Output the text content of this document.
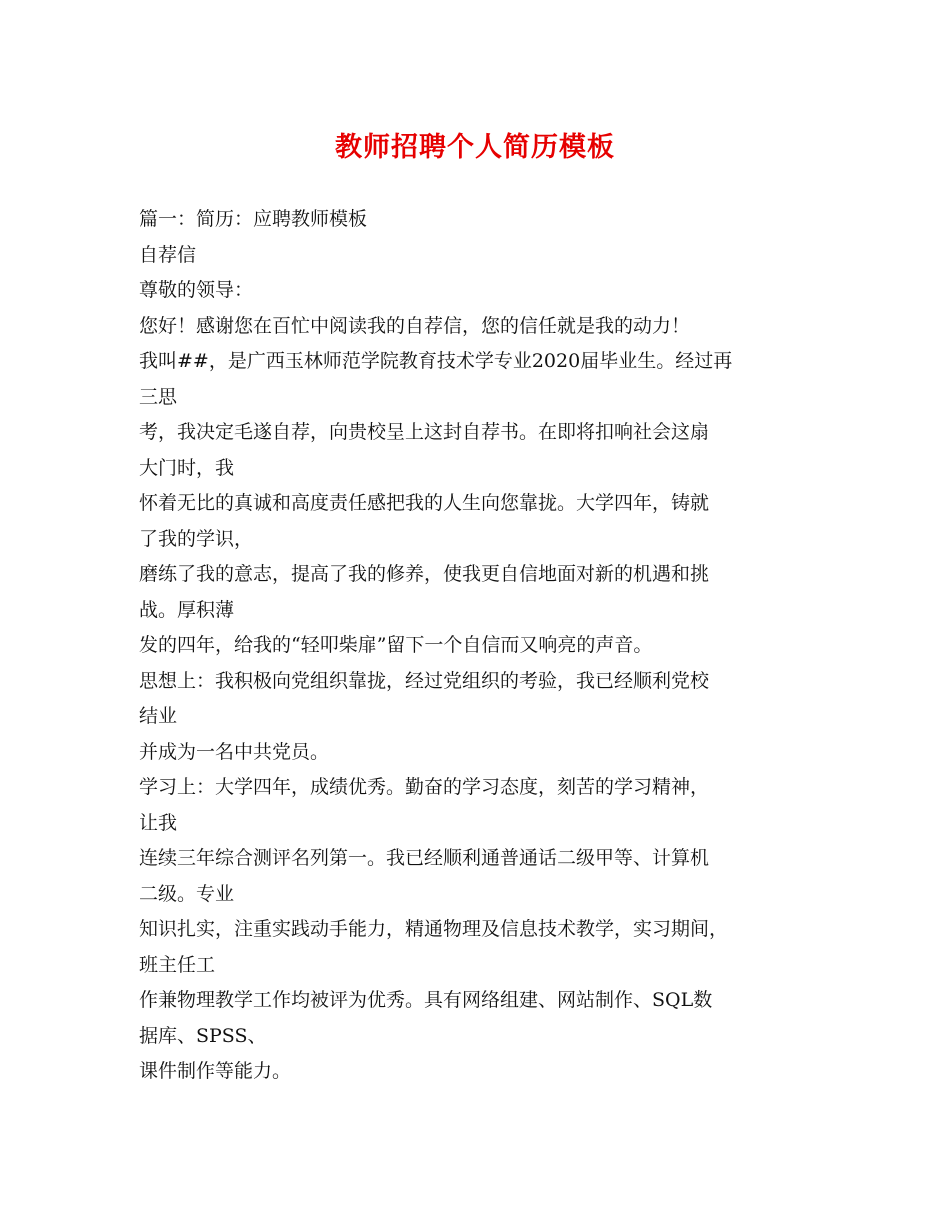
教师招聘个人简历模板
篇一：简历：应聘教师模板
自荐信
尊敬的领导：
您好！感谢您在百忙中阅读我的自荐信，您的信任就是我的动力！
我叫##，是广西玉林师范学院教育技术学专业2020届毕业生。经过再
三思
考，我决定毛遂自荐，向贵校呈上这封自荐书。在即将扣响社会这扇
大门时，我
怀着无比的真诚和高度责任感把我的人生向您靠拢。大学四年，铸就
了我的学识，
磨练了我的意志，提高了我的修养，使我更自信地面对新的机遇和挑
战。厚积薄
发的四年，给我的“轻叩柴扉”留下一个自信而又响亮的声音。
思想上：我积极向党组织靠拢，经过党组织的考验，我已经顺利党校
结业
并成为一名中共党员。
学习上：大学四年，成绩优秀。勤奋的学习态度，刻苦的学习精神，
让我
连续三年综合测评名列第一。我已经顺利通普通话二级甲等、计算机
二级。专业
知识扎实，注重实践动手能力，精通物理及信息技术教学，实习期间，
班主任工
作兼物理教学工作均被评为优秀。具有网络组建、网站制作、SQL数
据库、SPSS、
课件制作等能力。
